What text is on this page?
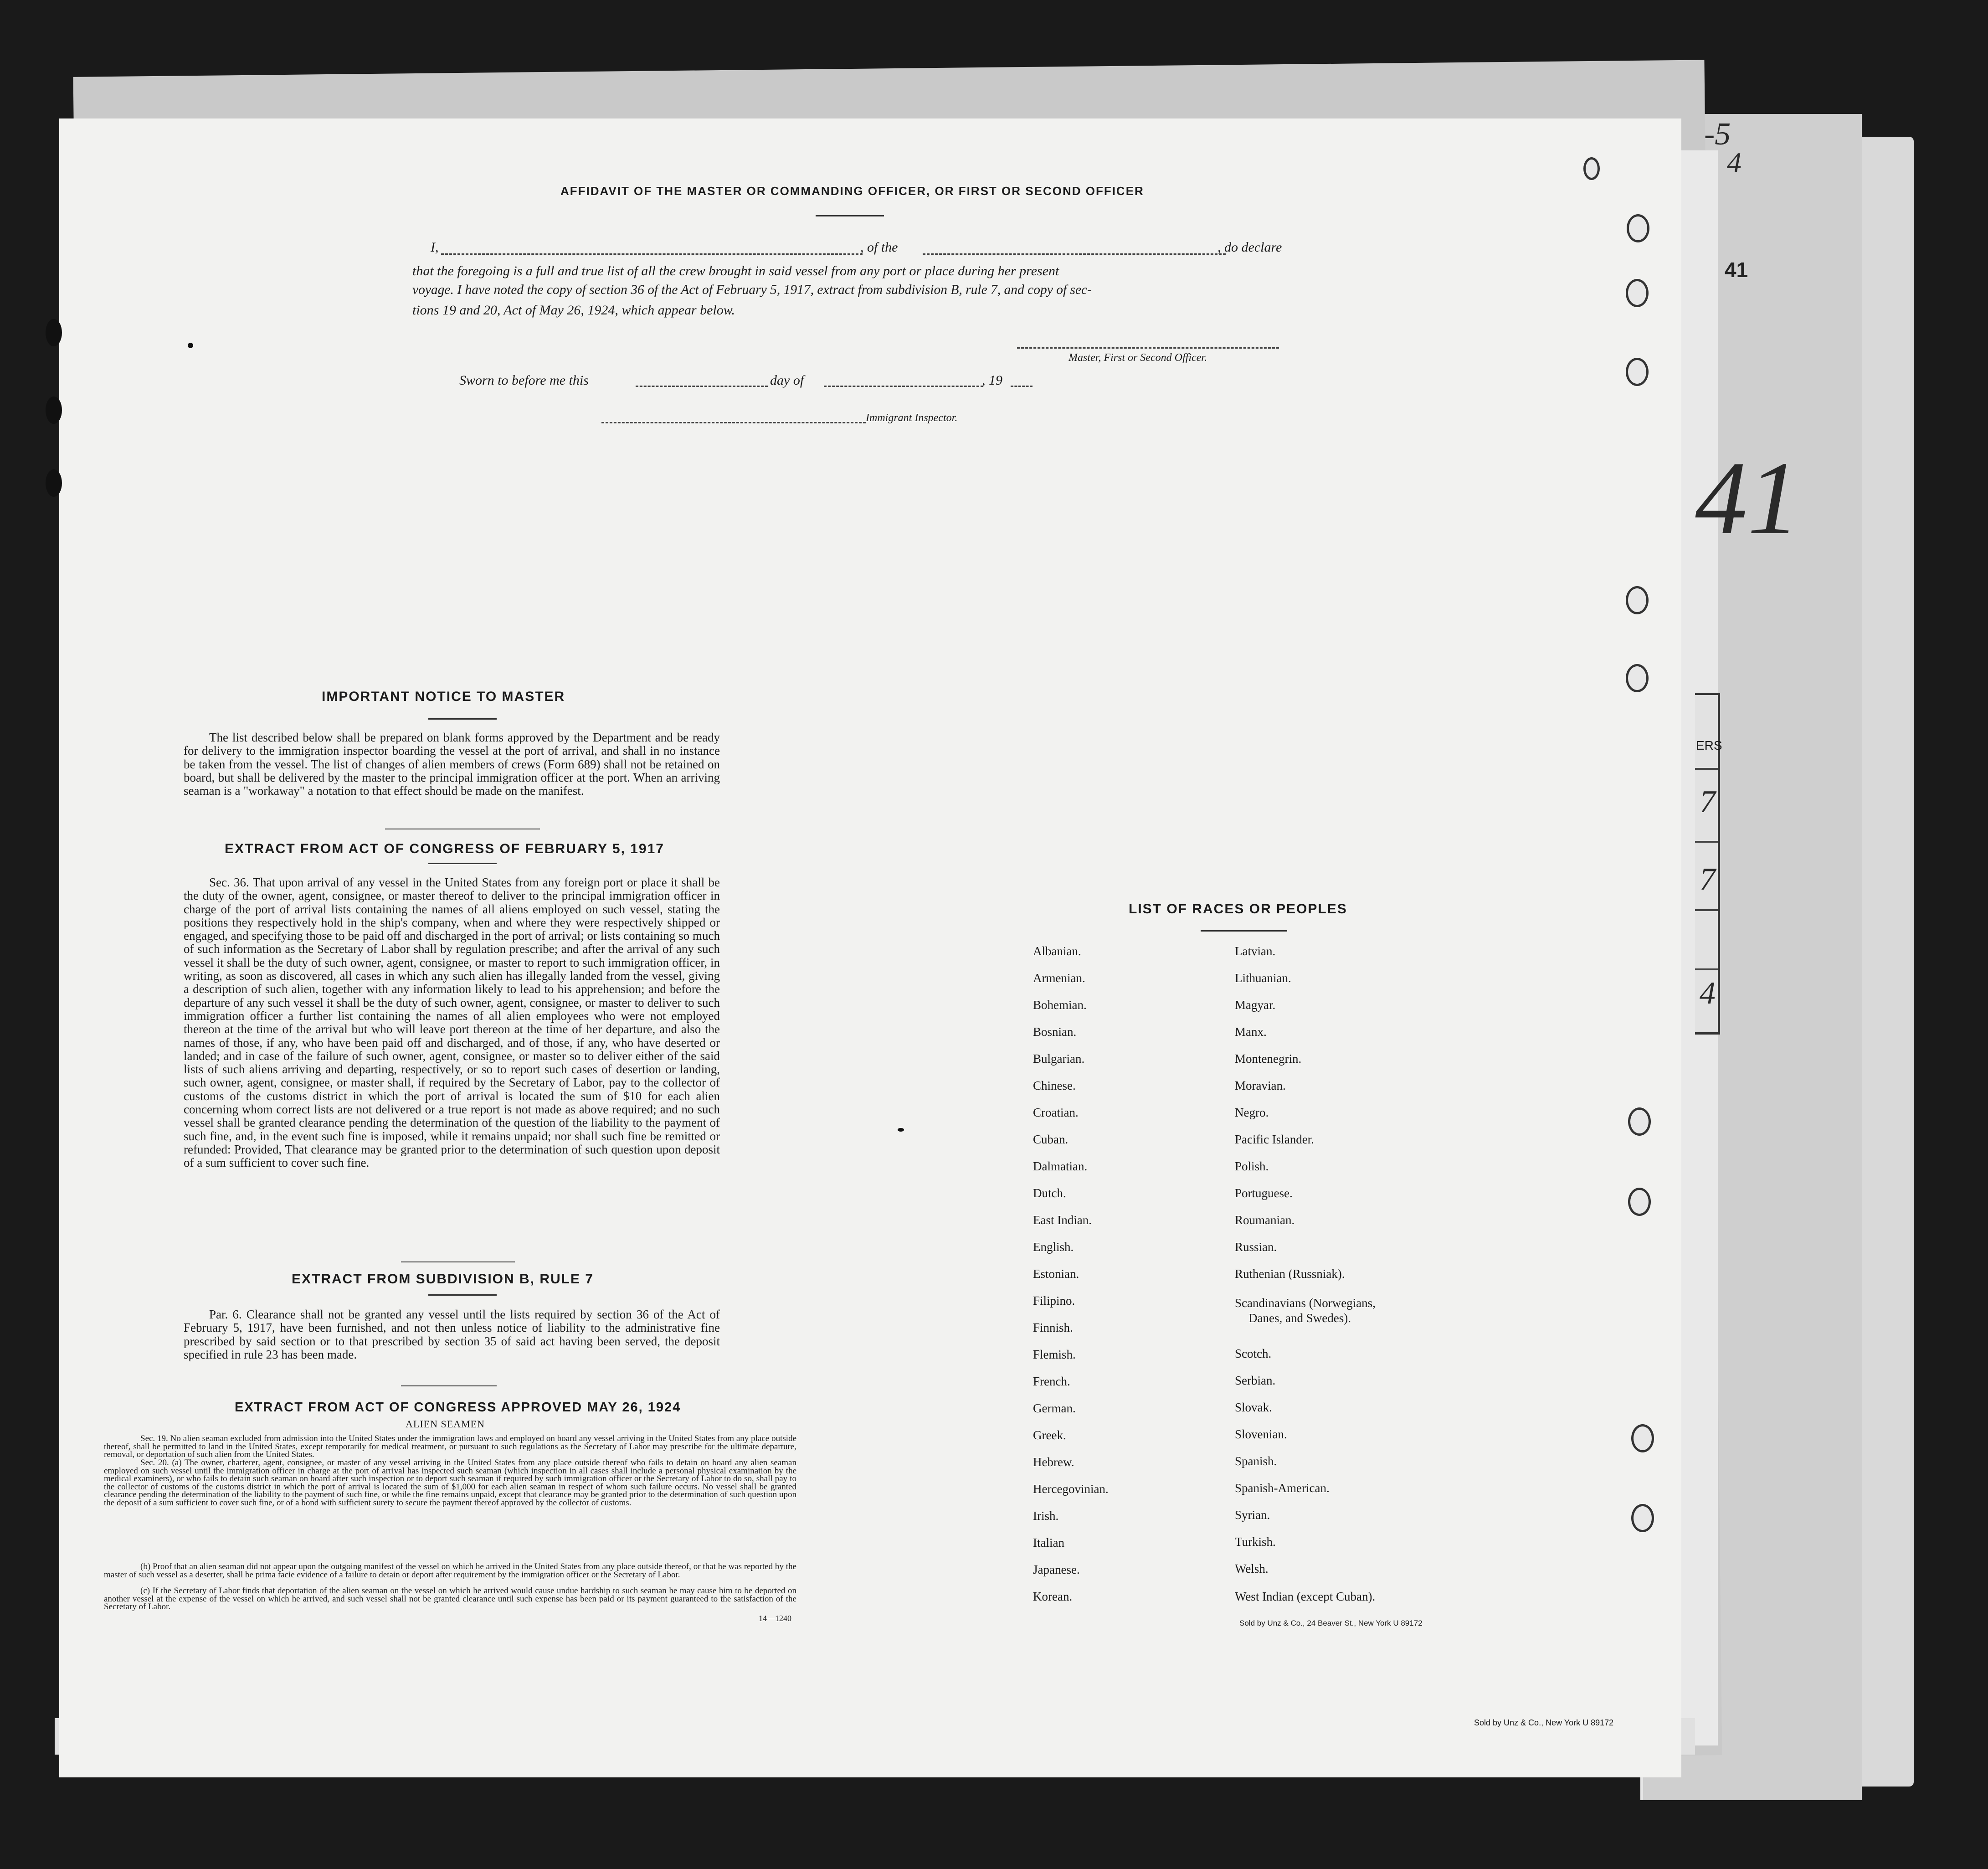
41
-5
4
41
ERS
7
7
4
Sold by Unz & Co., New York U 89172
AFFIDAVIT OF THE MASTER OR COMMANDING OFFICER, OR FIRST OR SECOND OFFICER
I,	, of the	, do declare
that the foregoing is a full and true list of all the crew brought in said vessel from any port or place during her present
voyage. I have noted the copy of section 36 of the Act of February 5, 1917, extract from subdivision B, rule 7, and copy of sec-
tions 19 and 20, Act of May 26, 1924, which appear below.
Master, First or Second Officer.
Sworn to before me this	day of	, 19
Immigrant Inspector.
IMPORTANT NOTICE TO MASTER
The list described below shall be prepared on blank forms approved by the Department and be ready for delivery to the immigration inspector boarding the vessel at the port of arrival, and shall in no instance be taken from the vessel. The list of changes of alien members of crews (Form 689) shall not be retained on board, but shall be delivered by the master to the principal immigration officer at the port. When an arriving seaman is a "workaway" a notation to that effect should be made on the manifest.
EXTRACT FROM ACT OF CONGRESS OF FEBRUARY 5, 1917
Sec. 36. That upon arrival of any vessel in the United States from any foreign port or place it shall be the duty of the owner, agent, consignee, or master thereof to deliver to the principal immigration officer in charge of the port of arrival lists containing the names of all aliens employed on such vessel, stating the positions they respectively hold in the ship's company, when and where they were respectively shipped or engaged, and specifying those to be paid off and discharged in the port of arrival; or lists containing so much of such information as the Secretary of Labor shall by regulation prescribe; and after the arrival of any such vessel it shall be the duty of such owner, agent, consignee, or master to report to such immigration officer, in writing, as soon as discovered, all cases in which any such alien has illegally landed from the vessel, giving a description of such alien, together with any information likely to lead to his apprehension; and before the departure of any such vessel it shall be the duty of such owner, agent, consignee, or master to deliver to such immigration officer a further list containing the names of all alien employees who were not employed thereon at the time of the arrival but who will leave port thereon at the time of her departure, and also the names of those, if any, who have been paid off and discharged, and of those, if any, who have deserted or landed; and in case of the failure of such owner, agent, consignee, or master so to deliver either of the said lists of such aliens arriving and departing, respectively, or so to report such cases of desertion or landing, such owner, agent, consignee, or master shall, if required by the Secretary of Labor, pay to the collector of customs of the customs district in which the port of arrival is located the sum of $10 for each alien concerning whom correct lists are not delivered or a true report is not made as above required; and no such vessel shall be granted clearance pending the determination of the question of the liability to the payment of such fine, and, in the event such fine is imposed, while it remains unpaid; nor shall such fine be remitted or refunded: Provided, That clearance may be granted prior to the determination of such question upon deposit of a sum sufficient to cover such fine.
EXTRACT FROM SUBDIVISION B, RULE 7
Par. 6. Clearance shall not be granted any vessel until the lists required by section 36 of the Act of February 5, 1917, have been furnished, and not then unless notice of liability to the administrative fine prescribed by said section or to that prescribed by section 35 of said act having been served, the deposit specified in rule 23 has been made.
EXTRACT FROM ACT OF CONGRESS APPROVED MAY 26, 1924
ALIEN SEAMEN
Sec. 19. No alien seaman excluded from admission into the United States under the immigration laws and employed on board any vessel arriving in the United States from any place outside thereof, shall be permitted to land in the United States, except temporarily for medical treatment, or pursuant to such regulations as the Secretary of Labor may prescribe for the ultimate departure, removal, or deportation of such alien from the United States.
Sec. 20. (a) The owner, charterer, agent, consignee, or master of any vessel arriving in the United States from any place outside thereof who fails to detain on board any alien seaman employed on such vessel until the immigration officer in charge at the port of arrival has inspected such seaman (which inspection in all cases shall include a personal physical examination by the medical examiners), or who fails to detain such seaman on board after such inspection or to deport such seaman if required by such immigration officer or the Secretary of Labor to do so, shall pay to the collector of customs of the customs district in which the port of arrival is located the sum of $1,000 for each alien seaman in respect of whom such failure occurs. No vessel shall be granted clearance pending the determination of the liability to the payment of such fine, or while the fine remains unpaid, except that clearance may be granted prior to the determination of such question upon the deposit of a sum sufficient to cover such fine, or of a bond with sufficient surety to secure the payment thereof approved by the collector of customs.
(b) Proof that an alien seaman did not appear upon the outgoing manifest of the vessel on which he arrived in the United States from any place outside thereof, or that he was reported by the master of such vessel as a deserter, shall be prima facie evidence of a failure to detain or deport after requirement by the immigration officer or the Secretary of Labor.
(c) If the Secretary of Labor finds that deportation of the alien seaman on the vessel on which he arrived would cause undue hardship to such seaman he may cause him to be deported on another vessel at the expense of the vessel on which he arrived, and such vessel shall not be granted clearance until such expense has been paid or its payment guaranteed to the satisfaction of the Secretary of Labor.
14—1240
LIST OF RACES OR PEOPLES
Albanian.
Armenian.
Bohemian.
Bosnian.
Bulgarian.
Chinese.
Croatian.
Cuban.
Dalmatian.
Dutch.
East Indian.
English.
Estonian.
Filipino.
Finnish.
Flemish.
French.
German.
Greek.
Hebrew.
Hercegovinian.
Irish.
Italian
Japanese.
Korean.
Latvian.
Lithuanian.
Magyar.
Manx.
Montenegrin.
Moravian.
Negro.
Pacific Islander.
Polish.
Portuguese.
Roumanian.
Russian.
Ruthenian (Russniak).
Scandinavians (Norwegians,
Danes, and Swedes).
Scotch.
Serbian.
Slovak.
Slovenian.
Spanish.
Spanish-American.
Syrian.
Turkish.
Welsh.
West Indian (except Cuban).
Sold by Unz & Co., 24 Beaver St., New York U 89172
